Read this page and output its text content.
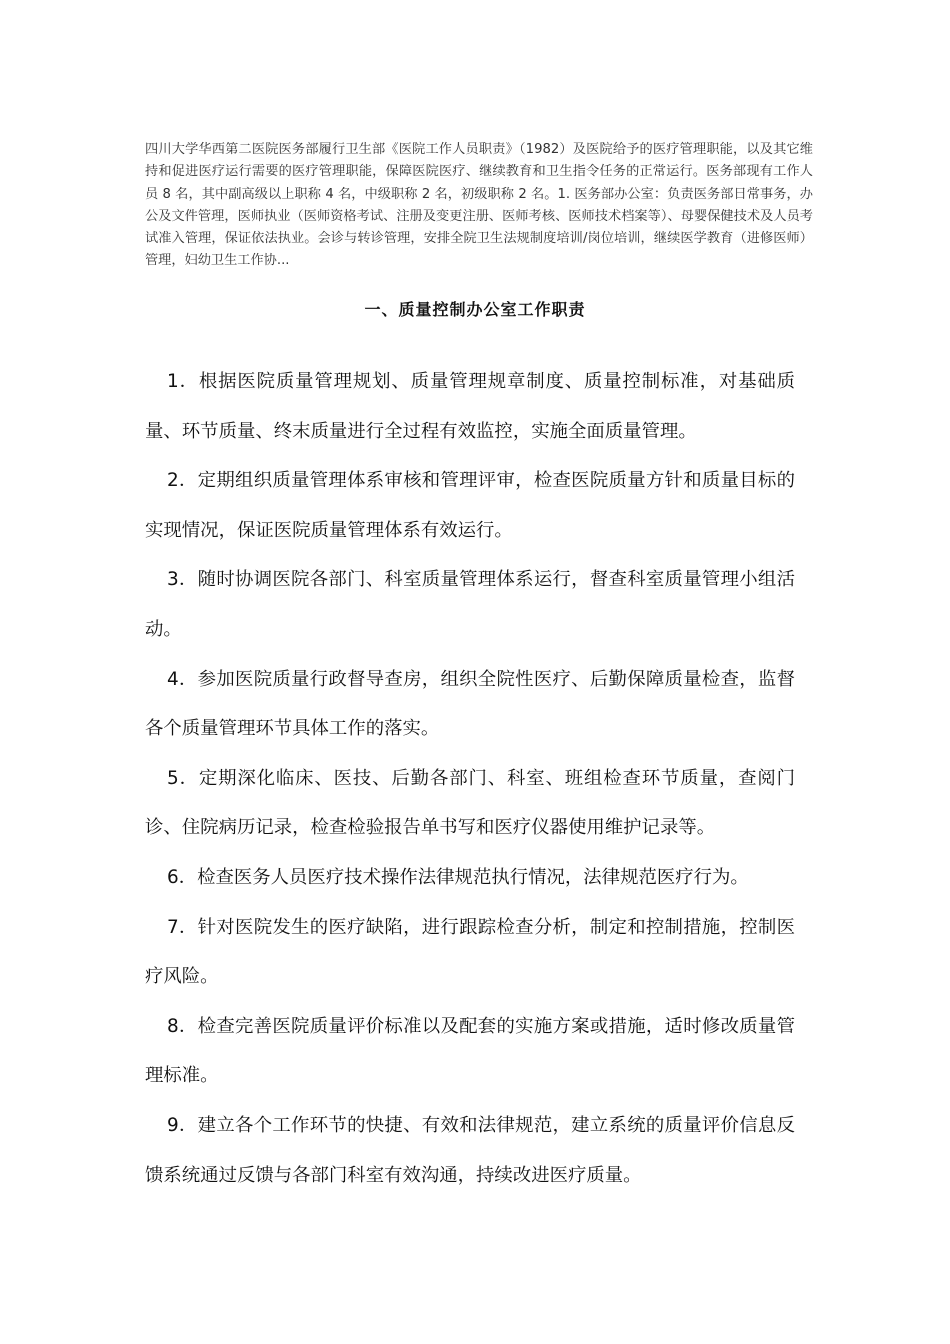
四川大学华西第二医院医务部履行卫生部《医院工作人员职责》（1982）及医院给予的医疗管理职能，以及其它维持和促进医疗运行需要的医疗管理职能，保障医院医疗、继续教育和卫生指令任务的正常运行。医务部现有工作人员 8 名，其中副高级以上职称 4 名，中级职称 2 名，初级职称 2 名。1. 医务部办公室：负责医务部日常事务，办公及文件管理，医师执业（医师资格考试、注册及变更注册、医师考核、医师技术档案等）、母婴保健技术及人员考试准入管理，保证依法执业。会诊与转诊管理，安排全院卫生法规制度培训/岗位培训，继续医学教育（进修医师）管理，妇幼卫生工作协...

一、质量控制办公室工作职责
1．根据医院质量管理规划、质量管理规章制度、质量控制标准，对基础质量、环节质量、终末质量进行全过程有效监控，实施全面质量管理。
2．定期组织质量管理体系审核和管理评审，检查医院质量方针和质量目标的实现情况，保证医院质量管理体系有效运行。
3．随时协调医院各部门、科室质量管理体系运行，督查科室质量管理小组活动。
4．参加医院质量行政督导查房，组织全院性医疗、后勤保障质量检查，监督各个质量管理环节具体工作的落实。
5．定期深化临床、医技、后勤各部门、科室、班组检查环节质量，查阅门诊、住院病历记录，检查检验报告单书写和医疗仪器使用维护记录等。
6．检查医务人员医疗技术操作法律规范执行情况，法律规范医疗行为。
7．针对医院发生的医疗缺陷，进行跟踪检查分析，制定和控制措施，控制医疗风险。
8．检查完善医院质量评价标准以及配套的实施方案或措施，适时修改质量管理标准。
9．建立各个工作环节的快捷、有效和法律规范，建立系统的质量评价信息反馈系统通过反馈与各部门科室有效沟通，持续改进医疗质量。
